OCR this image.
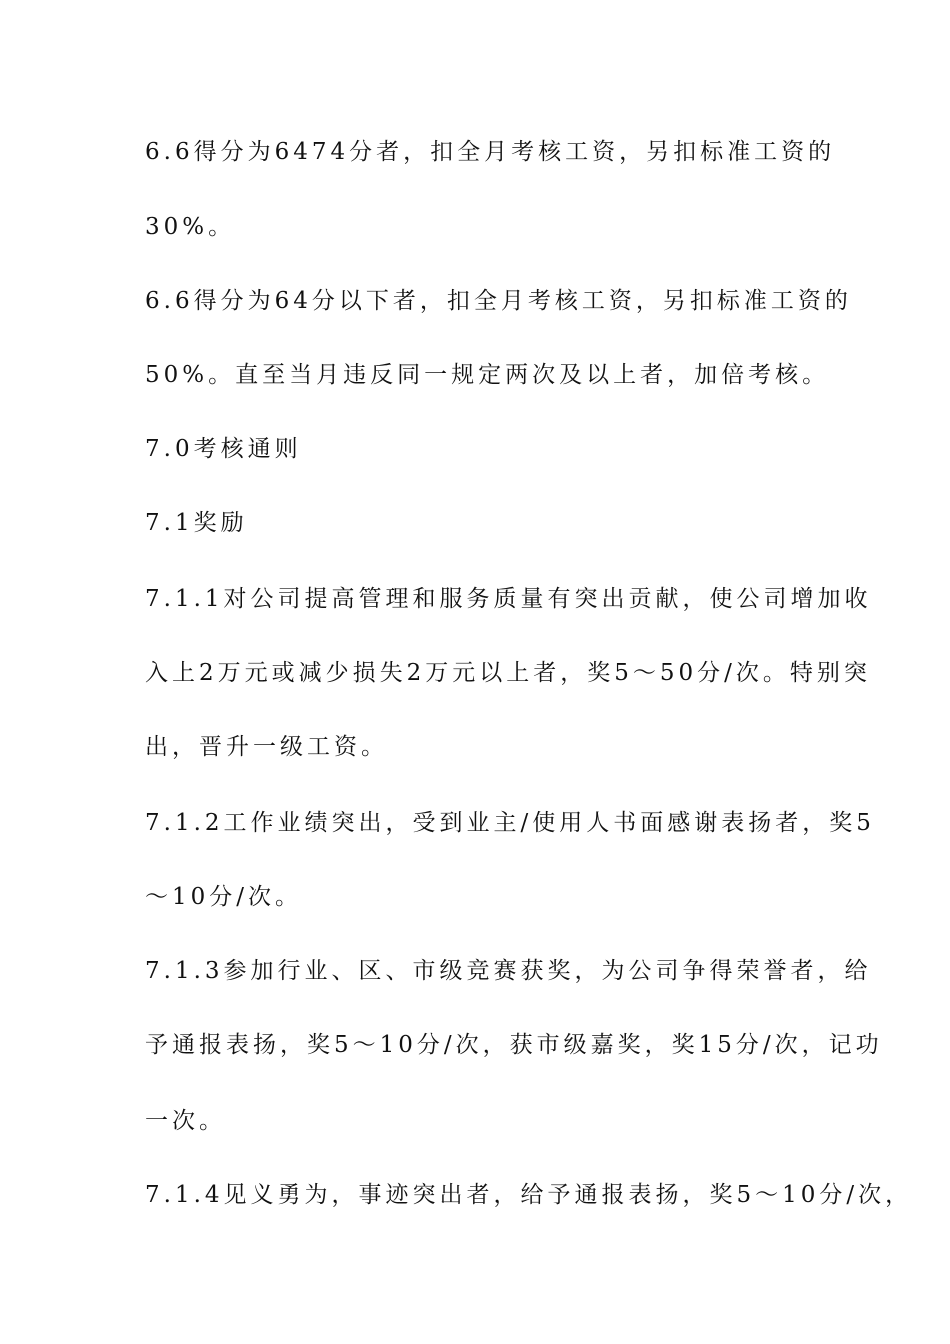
6.6得分为6474分者，扣全月考核工资，另扣标准工资的
30%。
6.6得分为64分以下者，扣全月考核工资，另扣标准工资的
50%。直至当月违反同一规定两次及以上者，加倍考核。
7.0考核通则
7.1奖励
7.1.1对公司提高管理和服务质量有突出贡献，使公司增加收
入上2万元或减少损失2万元以上者，奖5～50分/次。特别突
出，晋升一级工资。
7.1.2工作业绩突出，受到业主/使用人书面感谢表扬者，奖5
～10分/次。
7.1.3参加行业、区、市级竞赛获奖，为公司争得荣誉者，给
予通报表扬，奖5～10分/次，获市级嘉奖，奖15分/次，记功
一次。
7.1.4见义勇为，事迹突出者，给予通报表扬，奖5～10分/次，
